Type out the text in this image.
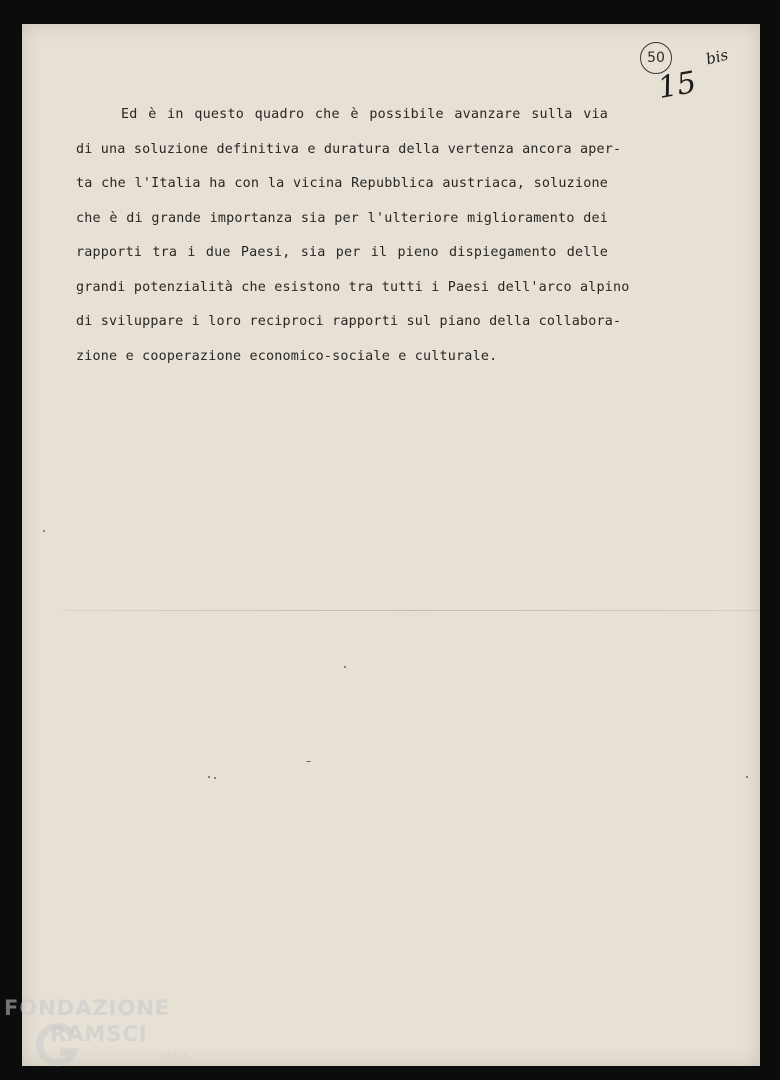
50
15
bis
Ed è in questo quadro che è possibile avanzare sulla via
di una soluzione definitiva e duratura della vertenza ancora aper-
ta che l'Italia ha con la vicina Repubblica austriaca, soluzione
che è di grande importanza sia per l'ulteriore miglioramento dei
rapporti tra i due Paesi, sia per il pieno dispiegamento delle
grandi potenzialità che esistono tra tutti i Paesi dell'arco alpino
di sviluppare i loro reciproci rapporti sul piano della collabora-
zione e cooperazione economico-sociale e culturale.
FONDAZIONE
RAMSCI
onlus
